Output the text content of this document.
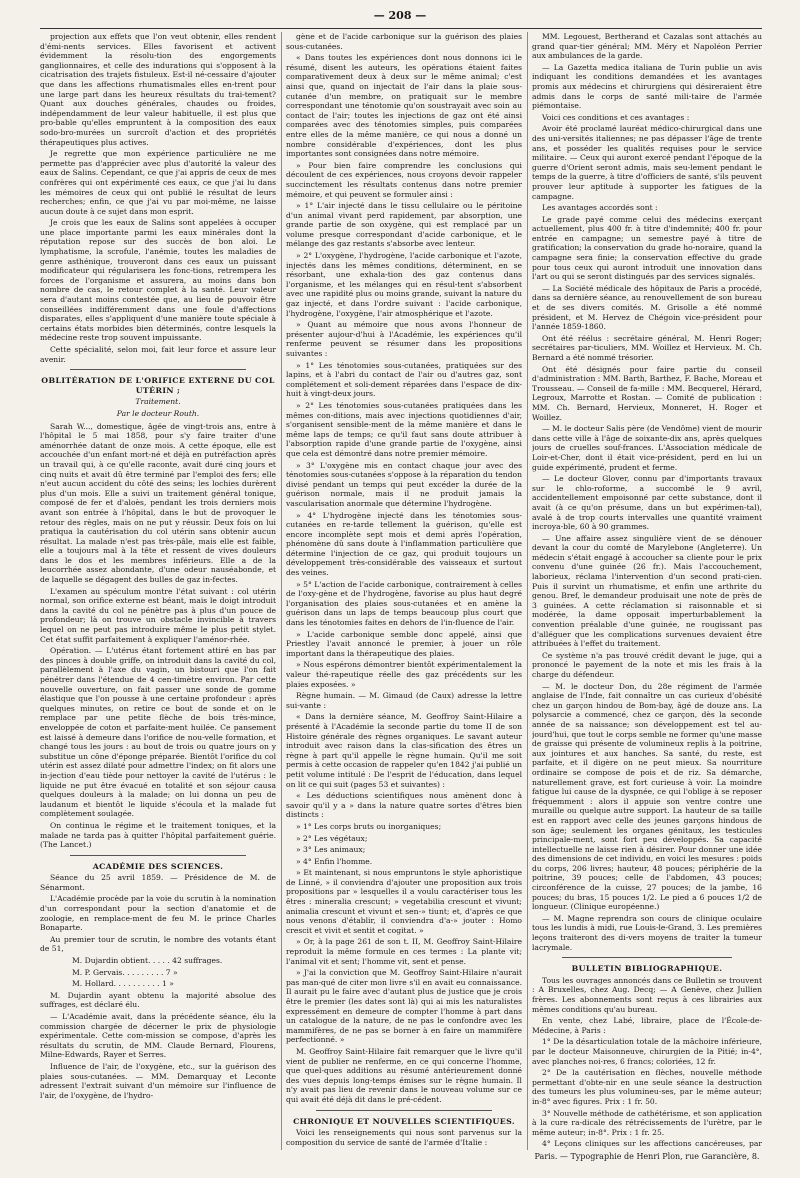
— 208 —

projection aux effets que l'on veut obtenir, elles rendent d'émi-nents services. Elles favorisent et activent évidemment la résolu-tion des engorgements ganglionnaires, et celle des indurations qui s'opposent à la cicatrisation des trajets fistuleux. Est-il né-cessaire d'ajouter que dans les affections rhumatismales elles en-trent pour une large part dans les heureux résultats du trai-tement? Quant aux douches générales, chaudes ou froides, indépendamment de leur valeur habituelle, il est plus que pro-bable qu'elles empruntent à la composition des eaux sodo-bro-murées un surcroît d'action et des propriétés thérapeutiques plus actives.

Je regrette que mon expérience particulière ne me permette pas d'apprécier avec plus d'autorité la valeur des eaux de Salins. Cependant, ce que j'ai appris de ceux de mes confrères qui ont expérimenté ces eaux, ce que j'ai lu dans les mémoires de ceux qui ont publié le résultat de leurs recherches; enfin, ce que j'ai vu par moi-même, ne laisse aucun doute à ce sujet dans mon esprit.

Je crois que les eaux de Salins sont appelées à occuper une place importante parmi les eaux minérales dont la réputation repose sur des succès de bon aloi. Le lymphatisme, la scrofule, l'anémie, toutes les maladies de genre asthénique, trouveront dans ces eaux un puissant modificateur qui régularisera les fonc-tions, retrempera les forces de l'organisme et assurera, au moins dans bon nombre de cas, le retour complet à la santé. Leur valeur sera d'autant moins contestée que, au lieu de pouvoir être conseillées indifféremment dans une foule d'affections disparates, elles s'appliquent d'une manière toute spéciale à certains états morbides bien déterminés, contre lesquels la médecine reste trop souvent impuissante.

Cette spécialité, selon moi, fait leur force et assure leur avenir.

OBLITÉRATION DE L'ORIFICE EXTERNE DU COL UTÉRIN ;

Traitement.

Par le docteur Routh.

Sarah W..., domestique, âgée de vingt-trois ans, entre à l'hôpital le 5 mai 1858, pour s'y faire traiter d'une aménorrhée datant de onze mois. A cette époque, elle est accouchée d'un enfant mort-né et déjà en putréfaction après un travail qui, à ce qu'elle raconte, avait duré cinq jours et cinq nuits et avait dû être terminé par l'emploi des fers; elle n'eut aucun accident du côté des seins; les lochies durèrent plus d'un mois. Elle a suivi un traitement général tonique, composé de fer et d'aloès, pendant les trois derniers mois avant son entrée à l'hôpital, dans le but de provoquer le retour des règles, mais on ne put y réussir. Deux fois on lui pratiqua la cautérisation du col utérin sans obtenir aucun résultat. La malade n'est pas très-pâle, mais elle est faible, elle a toujours mal à la tête et ressent de vives douleurs dans le dos et les membres inférieurs. Elle a de la leucorrhée assez abondante, d'une odeur nauséabonde, et de laquelle se dégagent des bulles de gaz in-fectes.

L'examen au spéculum montre l'état suivant : col utérin normal, son orifice externe est béant, mais le doigt introduit dans la cavité du col ne pénètre pas à plus d'un pouce de profondeur; là on trouve un obstacle invincible à travers lequel on ne peut pas introduire même le plus petit stylet. Cet état suffit parfaitement à expliquer l'aménor-rhée.

Opération. — L'utérus étant fortement attiré en bas par des pinces à double griffe, on introduit dans la cavité du col, parallèlement à l'axe du vagin, un bistouri que l'on fait pénétrer dans l'étendue de 4 cen-timètre environ. Par cette nouvelle ouverture, on fait passer une sonde de gomme élastique que l'on pousse à une certaine profondeur : après quelques minutes, on retire ce bout de sonde et on le remplace par une petite flèche de bois très-mince, enveloppée de coton et parfaite-ment huilée. Ce pansement est laissé à demeure dans l'orifice de nou-velle formation, et changé tous les jours : au bout de trois ou quatre jours on y substitue un cône d'éponge préparée. Bientôt l'orifice du col utérin est assez dilaté pour admettre l'index; on fit alors une in-jection d'eau tiède pour nettoyer la cavité de l'utérus : le liquide ne put être évacué en totalité et son séjour causa quelques douleurs à la malade; on lui donna un peu de laudanum et bientôt le liquide s'écoula et la malade fut complètement soulagée.

On continua le régime et le traitement toniques, et la malade ne tarda pas à quitter l'hôpital parfaitement guérie. (The Lancet.)

ACADÉMIE DES SCIENCES.

Séance du 25 avril 1859. — Présidence de M. de Sénarmont.

L'Académie procède par la voie du scrutin à la nomination d'un correspondant pour la section d'anatomie et de zoologie, en remplace-ment de feu M. le prince Charles Bonaparte.

Au premier tour de scrutin, le nombre des votants étant de 51,

M. Dujardin obtient. . . . . 42 suffrages.

M. P. Gervais. . . . . . . . . 7 »

M. Hollard. . . . . . . . . . 1 »

M. Dujardin ayant obtenu la majorité absolue des suffrages, est déclaré élu.

— L'Académie avait, dans la précédente séance, élu la commission chargée de décerner le prix de physiologie expérimentale. Cette com-mission se compose, d'après les résultats du scrutin, de MM. Claude Bernard, Flourens, Milne-Edwards, Rayer et Serres.

Influence de l'air, de l'oxygène, etc., sur la guérison des plaies sous-cutanées. — MM. Demarquay et Leconte adressent l'extrait suivant d'un mémoire sur l'influence de l'air, de l'oxygène, de l'hydro-

gène et de l'acide carbonique sur la guérison des plaies sous-cutanées.

« Dans toutes les expériences dont nous donnons ici le résumé, disent les auteurs, les opérations étaient faites comparativement deux à deux sur le même animal; c'est ainsi que, quand on injectait de l'air dans la plaie sous-cutanée d'un membre, on pratiquait sur le membre correspondant une ténotomie qu'on soustrayait avec soin au contact de l'air; toutes les injections de gaz ont été ainsi comparées avec des ténotomies simples, puis comparées entre elles de la même manière, ce qui nous a donné un nombre considérable d'expériences, dont les plus importantes sont consignées dans notre mémoire.

» Pour bien faire comprendre les conclusions qui découlent de ces expériences, nous croyons devoir rappeler succinctement les résultats contenus dans notre premier mémoire, et qui peuvent se formuler ainsi :

» 1° L'air injecté dans le tissu cellulaire ou le péritoine d'un animal vivant perd rapidement, par absorption, une grande partie de son oxygène, qui est remplacé par un volume presque correspondant d'acide carbonique, et le mélange des gaz restants s'absorbe avec lenteur.

» 2° L'oxygène, l'hydrogène, l'acide carbonique et l'azote, injectés dans les mêmes conditions, déterminent, en se résorbant, une exhala-tion des gaz contenus dans l'organisme, et les mélanges qui en résul-tent s'absorbent avec une rapidité plus ou moins grande, suivant la nature du gaz injecté, et dans l'ordre suivant : l'acide carbonique, l'hydrogène, l'oxygène, l'air atmosphérique et l'azote.

» Quant au mémoire que nous avons l'honneur de présenter aujour-d'hui à l'Académie, les expériences qu'il renferme peuvent se résumer dans les propositions suivantes :

» 1° Les ténotomies sous-cutanées, pratiquées sur des lapins, et à l'abri du contact de l'air ou d'autres gaz, sont complétement et soli-dement réparées dans l'espace de dix-huit à vingt-deux jours.

» 2° Les ténotomies sous-cutanées pratiquées dans les mêmes con-ditions, mais avec injections quotidiennes d'air, s'organisent sensible-ment de la même manière et dans le même laps de temps; ce qu'il faut sans doute attribuer à l'absorption rapide d'une grande partie de l'oxygène, ainsi que cela est démontré dans notre premier mémoire.

» 3° L'oxygène mis en contact chaque jour avec des ténotomies sous-cutanées s'oppose à la réparation du tendon divisé pendant un temps qui peut excéder la durée de la guérison normale, mais il ne produit jamais la vascularisation anormale que détermine l'hydrogène.

» 4° L'hydrogène injecté dans les ténotomies sous-cutanées en re-tarde tellement la guérison, qu'elle est encore incomplète sept mois et demi après l'opération, phénomène dû sans doute à l'inflammation particulière que détermine l'injection de ce gaz, qui produit toujours un développement très-considérable des vaisseaux et surtout des veines.

» 5° L'action de l'acide carbonique, contrairement à celles de l'oxy-gène et de l'hydrogène, favorise au plus haut degré l'organisation des plaies sous-cutanées et en amène la guérison dans un laps de temps beaucoup plus court que dans les ténotomies faites en dehors de l'in-fluence de l'air.

» L'acide carbonique semble donc appelé, ainsi que Priestley l'avait annoncé le premier, à jouer un rôle important dans la thérapeutique des plaies.

» Nous espérons démontrer bientôt expérimentalement la valeur thé-rapeutique réelle des gaz précédents sur les plaies exposées. »

Règne humain. — M. Gimaud (de Caux) adresse la lettre sui-vante :

« Dans la dernière séance, M. Geoffroy Saint-Hilaire a présenté à l'Académie la seconde partie du tome II de son Histoire générale des règnes organiques. Le savant auteur introduit avec raison dans la clas-sification des êtres un règne à part qu'il appelle le règne humain. Qu'il me soit permis à cette occasion de rappeler qu'en 1842 j'ai publié un petit volume intitulé : De l'esprit de l'éducation, dans lequel on lit ce qui suit (pages 53 et suivantes) :

« Les déductions scientifiques nous amènent donc à savoir qu'il y a » dans la nature quatre sortes d'êtres bien distincts :

» 1° Les corps bruts ou inorganiques;

» 2° Les végétaux;

» 3° Les animaux;

» 4° Enfin l'homme.

» Et maintenant, si nous empruntons le style aphoristique de Linné, » il conviendra d'ajouter une proposition aux trois propositions par » lesquelles il a voulu caractériser tous les êtres : mineralia crescunt; » vegetabilia crescunt et vivunt; animalia crescunt et vivunt et sen-» tiunt; et, d'après ce que nous venons d'établir, il conviendra d'a-» jouter : Homo crescit et vivit et sentit et cogitat. »

» Or, à la page 261 de son t. II, M. Geoffroy Saint-Hilaire reproduit la même formule en ces termes : La plante vit; l'animal vit et sent; l'homme vit, sent et pense.

» J'ai la conviction que M. Geoffroy Saint-Hilaire n'aurait pas man-qué de citer mon livre s'il en avait eu connaissance. Il aurait pu le faire avec d'autant plus de justice que je crois être le premier (les dates sont là) qui ai mis les naturalistes expressément en demeure de compter l'homme à part dans un catalogue de la nature, de ne pas le confondre avec les mammifères, de ne pas se borner à en faire un mammifère perfectionné. »

M. Geoffroy Saint-Hilaire fait remarquer que le livre qu'il vient de publier ne renferme, en ce qui concerne l'homme, que quel-ques additions au résumé antérieurement donné des vues depuis long-temps émises sur le règne humain. Il n'y avait pas lieu de revenir dans le nouveau volume sur ce qui avait été déjà dit dans le pré-cédent.

CHRONIQUE ET NOUVELLES SCIENTIFIQUES.

Voici les renseignements qui nous sont parvenus sur la composition du service de santé de l'armée d'Italie :

MM. Legouest, Bertherand et Cazalas sont attachés au grand quar-tier général; MM. Méry et Napoléon Perrier aux ambulances de la garde.

— La Gazetta medica italiana de Turin publie un avis indiquant les conditions demandées et les avantages promis aux médecins et chirurgiens qui désireraient être admis dans le corps de santé mili-taire de l'armée piémontaise.

Voici ces conditions et ces avantages :

Avoir été proclamé lauréat médico-chirurgical dans une des uni-versités italiennes; ne pas dépasser l'âge de trente ans, et posséder les qualités requises pour le service militaire. — Ceux qui auront exercé pendant l'époque de la guerre d'Orient seront admis, mais seu-lement pendant le temps de la guerre, à titre d'officiers de santé, s'ils peuvent prouver leur aptitude à supporter les fatigues de la campagne.

Les avantages accordés sont :

Le grade payé comme celui des médecins exerçant actuellement, plus 400 fr. à titre d'indemnité; 400 fr. pour entrée en campagne; un semestre payé à titre de gratification; la conservation du grade ho-noraire, quand la campagne sera finie; la conservation effective du grade pour tous ceux qui auront introduit une innovation dans l'art ou qui se seront distingués par des services signalés.

— La Société médicale des hôpitaux de Paris a procédé, dans sa dernière séance, au renouvellement de son bureau et de ses divers comités. M. Grisolle a été nommé président, et M. Hervez de Chégoin vice-président pour l'année 1859-1860.

Ont été réélus : secrétaire général, M. Henri Roger; secrétaires par-ticuliers, MM. Woillez et Hervieux. M. Ch. Bernard a été nommé trésorier.

Ont été désignés pour faire partie du conseil d'administration : MM. Barth, Barthez, F. Bache, Moreau et Trousseau. — Conseil de fa-mille : MM. Becquerel, Hérard, Legroux, Marrotte et Rostan. — Comité de publication : MM. Ch. Bernard, Hervieux, Monneret, H. Roger et Woillez.

— M. le docteur Salis père (de Vendôme) vient de mourir dans cette ville à l'âge de soixante-dix ans, après quelques jours de cruelles souf-frances. L'Association médicale de Loir-et-Cher, dont il était vice-président, perd en lui un guide expérimenté, prudent et ferme.

— Le docteur Glover, connu par d'importants travaux sur le chlo-roforme, a succombé le 9 avril, accidentellement empoisonné par cette substance, dont il avait (à ce qu'on présume, dans un but expérimen-tal), avalé à de trop courts intervalles une quantité vraiment incroya-ble, 60 à 90 grammes.

— Une affaire assez singulière vient de se dénouer devant la cour du comté de Marylebone (Angleterre). Un médecin s'était engagé à accoucher sa cliente pour le prix convenu d'une guinée (26 fr.). Mais l'accouchement, laborieux, réclama l'intervention d'un second prati-cien. Puis il survint un rhumatisme, et enfin une arthrite du genou. Bref, le demandeur produisait une note de près de 3 guinées. A cette réclamation si raisonnable et si modérée, la dame opposait imperturbablement la convention préalable d'une guinée, ne rougissant pas d'alléguer que les complications survenues devaient être attribuées à l'effet du traitement.

Ce système n'a pas trouvé crédit devant le juge, qui a prononcé le payement de la note et mis les frais à la charge du défendeur.

— M. le docteur Don, du 28e régiment de l'armée anglaise de l'Inde, fait connaître un cas curieux d'obésité chez un garçon hindou de Bom-bay, âgé de douze ans. La polysarcie a commencé, chez ce garçon, dès la seconde année de sa naissance; son développement est tel au-jourd'hui, que tout le corps semble ne former qu'une masse de graisse qui présente de volumineux replis à la poitrine, aux jointures et aux hanches. Sa santé, du reste, est parfaite, et il digère on ne peut mieux. Sa nourriture ordinaire se compose de pois et de riz. Sa démarche, naturellement grave, est fort curieuse à voir. La moindre fatigue lui cause de la dyspnée, ce qui l'oblige à se reposer fréquemment : alors il appuie son ventre contre une muraille ou quelque autre support. La hauteur de sa taille est en rapport avec celle des jeunes garçons hindous de son âge; seulement les organes génitaux, les testicules principale-ment, sont fort peu développés. Sa capacité intellectuelle ne laisse rien à désirer. Pour donner une idée des dimensions de cet individu, en voici les mesures : poids du corps, 206 livres; hauteur, 48 pouces; périphérie de la poitrine, 39 pouces; celle de l'abdomen, 43 pouces; circonférence de la cuisse, 27 pouces; de la jambe, 16 pouces; du bras, 15 pouces 1/2. Le pied a 6 pouces 1/2 de longueur. (Clinique européenne.)

— M. Magne reprendra son cours de clinique oculaire tous les lundis à midi, rue Louis-le-Grand, 3. Les premières leçons traiteront des di-vers moyens de traiter la tumeur lacrymale.

BULLETIN BIBLIOGRAPHIQUE.

Tous les ouvrages annoncés dans ce Bulletin se trouvent : A Bruxelles, chez Aug. Decq; — A Genève, chez Jullien frères. Les abonnements sont reçus à ces librairies aux mêmes conditions qu'au bureau.

En vente, chez Labé, libraire, place de l'École-de-Médecine, à Paris :

1° De la désarticulation totale de la mâchoire inférieure, par le docteur Maisonneuve, chirurgien de la Pitié; in-4°, avec planches noi-res, 6 francs; coloriées, 12 fr.

2° De la cautérisation en flèches, nouvelle méthode permettant d'obte-nir en une seule séance la destruction des tumeurs les plus volumineu-ses, par le même auteur; in-8° avec figures. Prix : 1 fr. 50.

3° Nouvelle méthode de cathétérisme, et son application à la cure ra-dicale des rétrécissements de l'urètre, par le même auteur; in-8°. Prix : 1 fr. 25.

4° Leçons cliniques sur les affections cancéreuses, par

Paris. — Typographie de Henri Plon, rue Garancière, 8.
